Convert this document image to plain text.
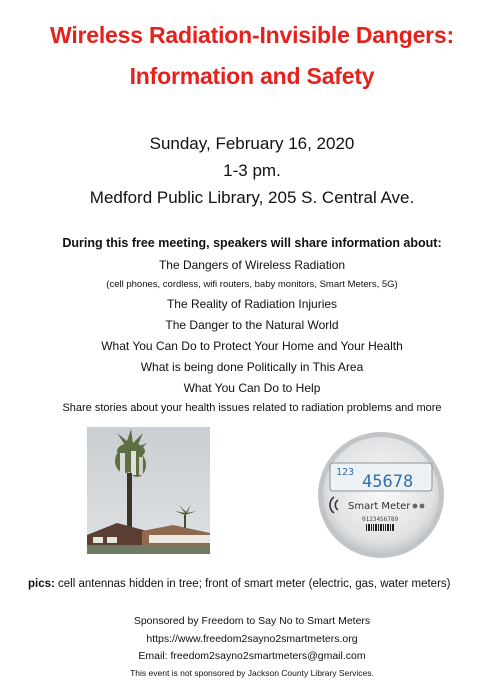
Wireless Radiation-Invisible Dangers:
Information and Safety
Sunday, February 16, 2020
1-3 pm.
Medford Public Library, 205 S. Central Ave.
During this free meeting, speakers will share information about:
The Dangers of Wireless Radiation
(cell phones, cordless, wifi routers, baby monitors, Smart Meters, 5G)
The Reality of Radiation Injuries
The Danger to the Natural World
What You Can Do to Protect Your Home and Your Health
What is being done Politically in This Area
What You Can Do to Help
Share stories about your health issues related to radiation problems and more
123 45678
Smart Meter
0123456789
pics: cell antennas hidden in tree; front of smart meter (electric, gas, water meters)
Sponsored by Freedom to Say No to Smart Meters
https://www.freedom2sayno2smartmeters.org
Email: freedom2sayno2smartmeters@gmail.com
This event is not sponsored by Jackson County Library Services.
